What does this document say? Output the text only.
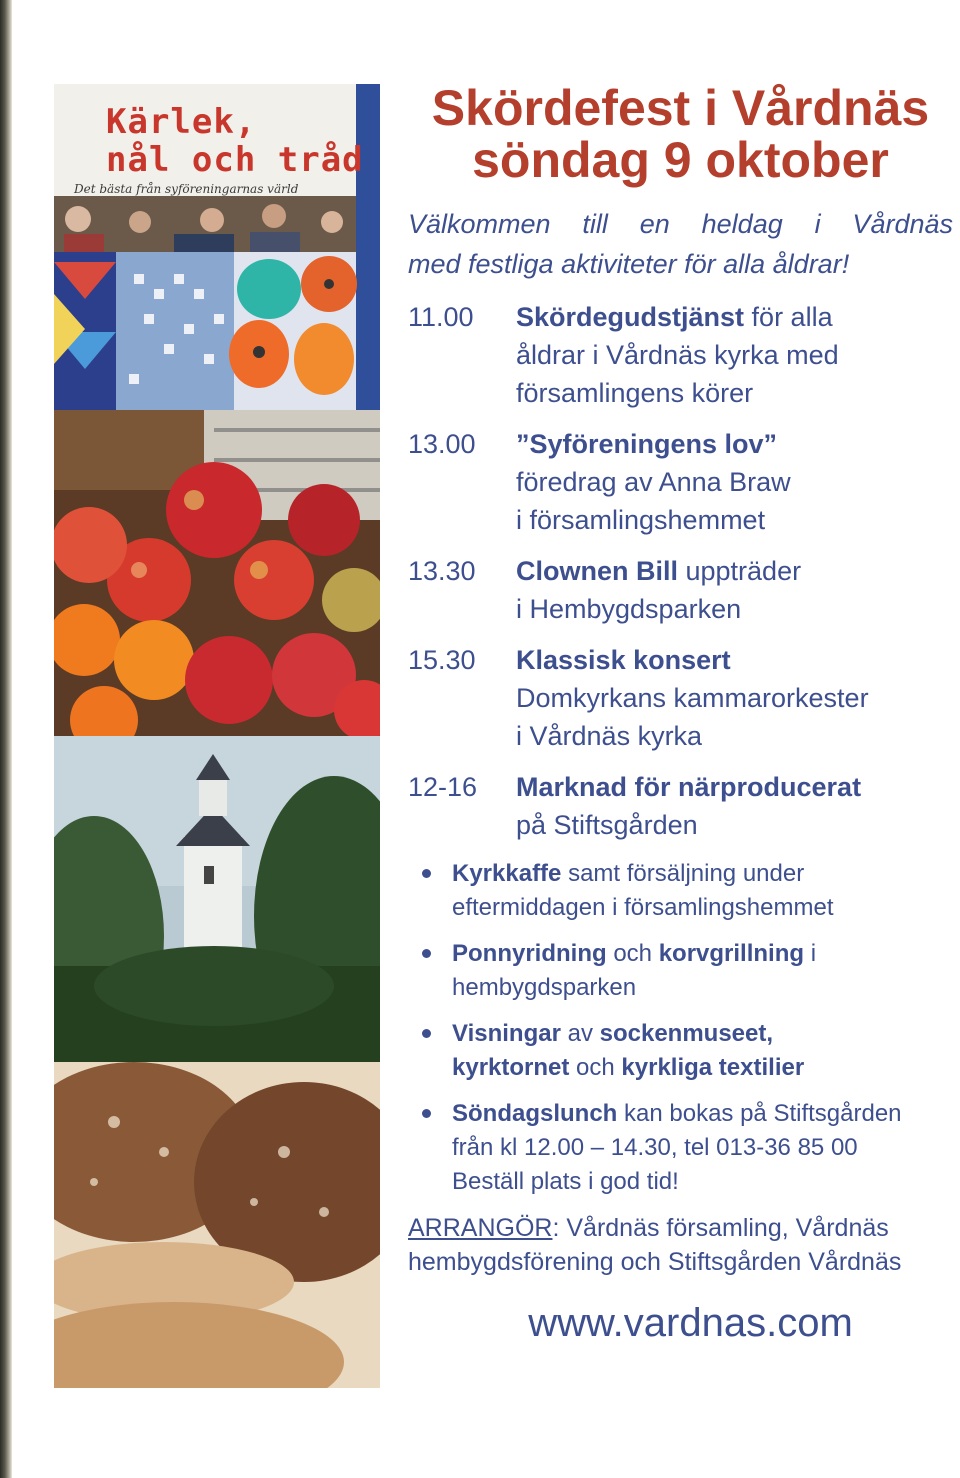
Kärlek,
nål och tråd
Det bästa från syföreningarnas värld
Skördefest i Vårdnäs
söndag 9 oktober
Välkommen till en heldag i Vårdnäs
med festliga aktiviteter för alla åldrar!
11.00	Skördegudstjänst för alla
åldrar i Vårdnäs kyrka med
församlingens körer
13.00	”Syföreningens lov”
föredrag av Anna Braw
i församlingshemmet
13.30	Clownen Bill uppträder
i Hembygdsparken
15.30	Klassisk konsert
Domkyrkans kammarorkester
i Vårdnäs kyrka
12-16	Marknad för närproducerat
på Stiftsgården
Kyrkkaffe samt försäljning under
eftermiddagen i församlingshemmet
Ponnyridning och korvgrillning i
hembygdsparken
Visningar av sockenmuseet,
kyrktornet och kyrkliga textilier
Söndagslunch kan bokas på Stiftsgården
från kl 12.00 – 14.30, tel 013-36 85 00
Beställ plats i god tid!
ARRANGÖR: Vårdnäs församling, Vårdnäs
hembygdsförening och Stiftsgården Vårdnäs
www.vardnas.com
